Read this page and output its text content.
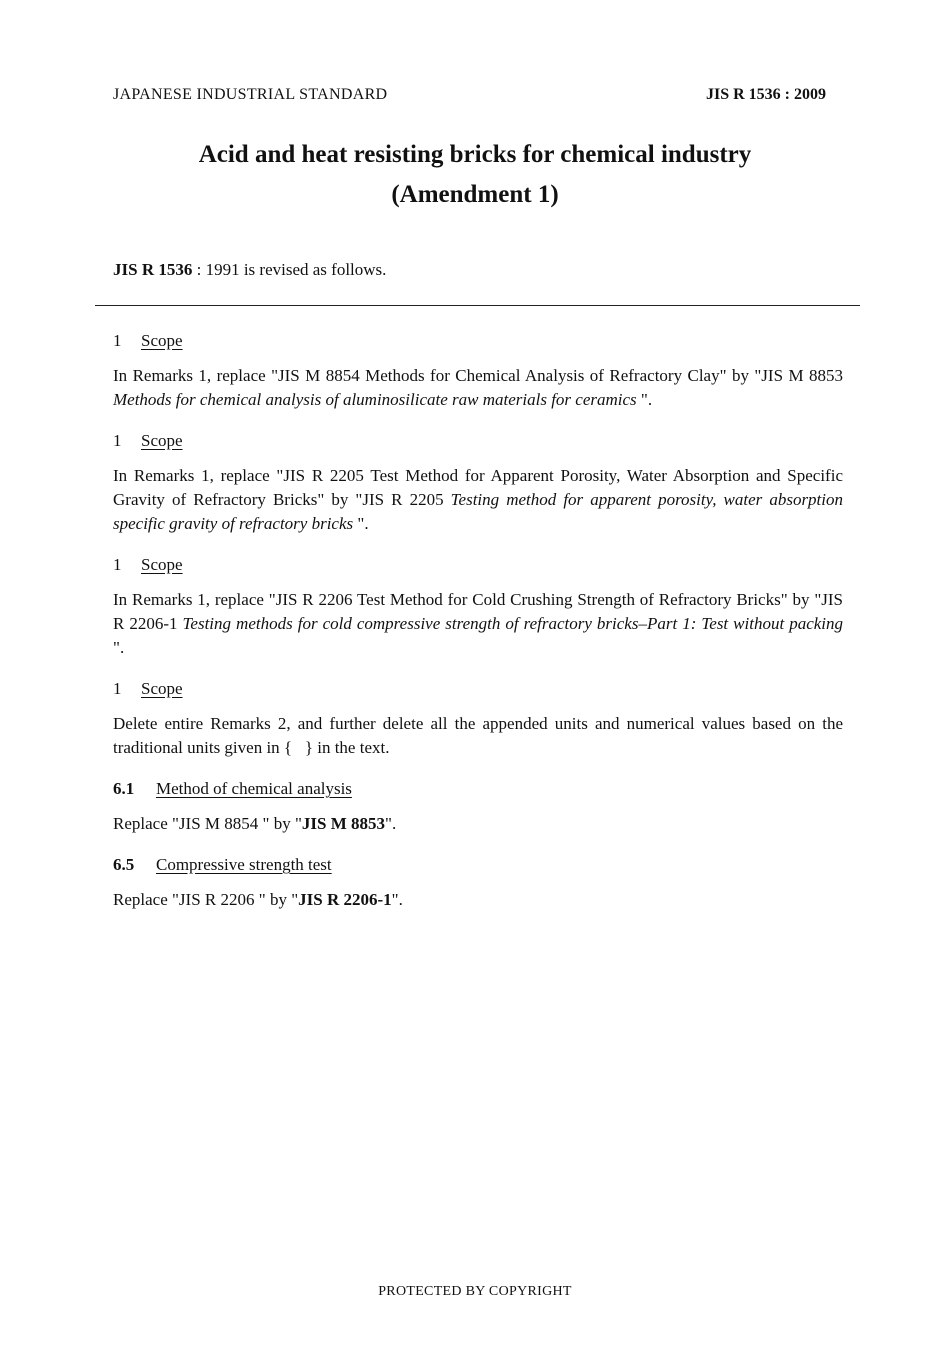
JAPANESE INDUSTRIAL STANDARD	JIS R 1536 : 2009
Acid and heat resisting bricks for chemical industry
(Amendment 1)
JIS R 1536 : 1991 is revised as follows.
1 Scope

In Remarks 1, replace "JIS M 8854 Methods for Chemical Analysis of Refractory Clay" by "JIS M 8853 Methods for chemical analysis of aluminosilicate raw materials for ceramics ".

1 Scope

In Remarks 1, replace "JIS R 2205 Test Method for Apparent Porosity, Water Absorption and Specific Gravity of Refractory Bricks" by "JIS R 2205 Testing method for apparent porosity, water absorption specific gravity of refractory bricks ".

1 Scope

In Remarks 1, replace "JIS R 2206 Test Method for Cold Crushing Strength of Refractory Bricks" by "JIS R 2206-1 Testing methods for cold compressive strength of refractory bricks–Part 1: Test without packing ".

1 Scope

Delete entire Remarks 2, and further delete all the appended units and numerical values based on the traditional units given in {   } in the text.

6.1 Method of chemical analysis

Replace "JIS M 8854 " by "JIS M 8853".

6.5 Compressive strength test

Replace "JIS R 2206 " by "JIS R 2206-1".

PROTECTED BY COPYRIGHT
